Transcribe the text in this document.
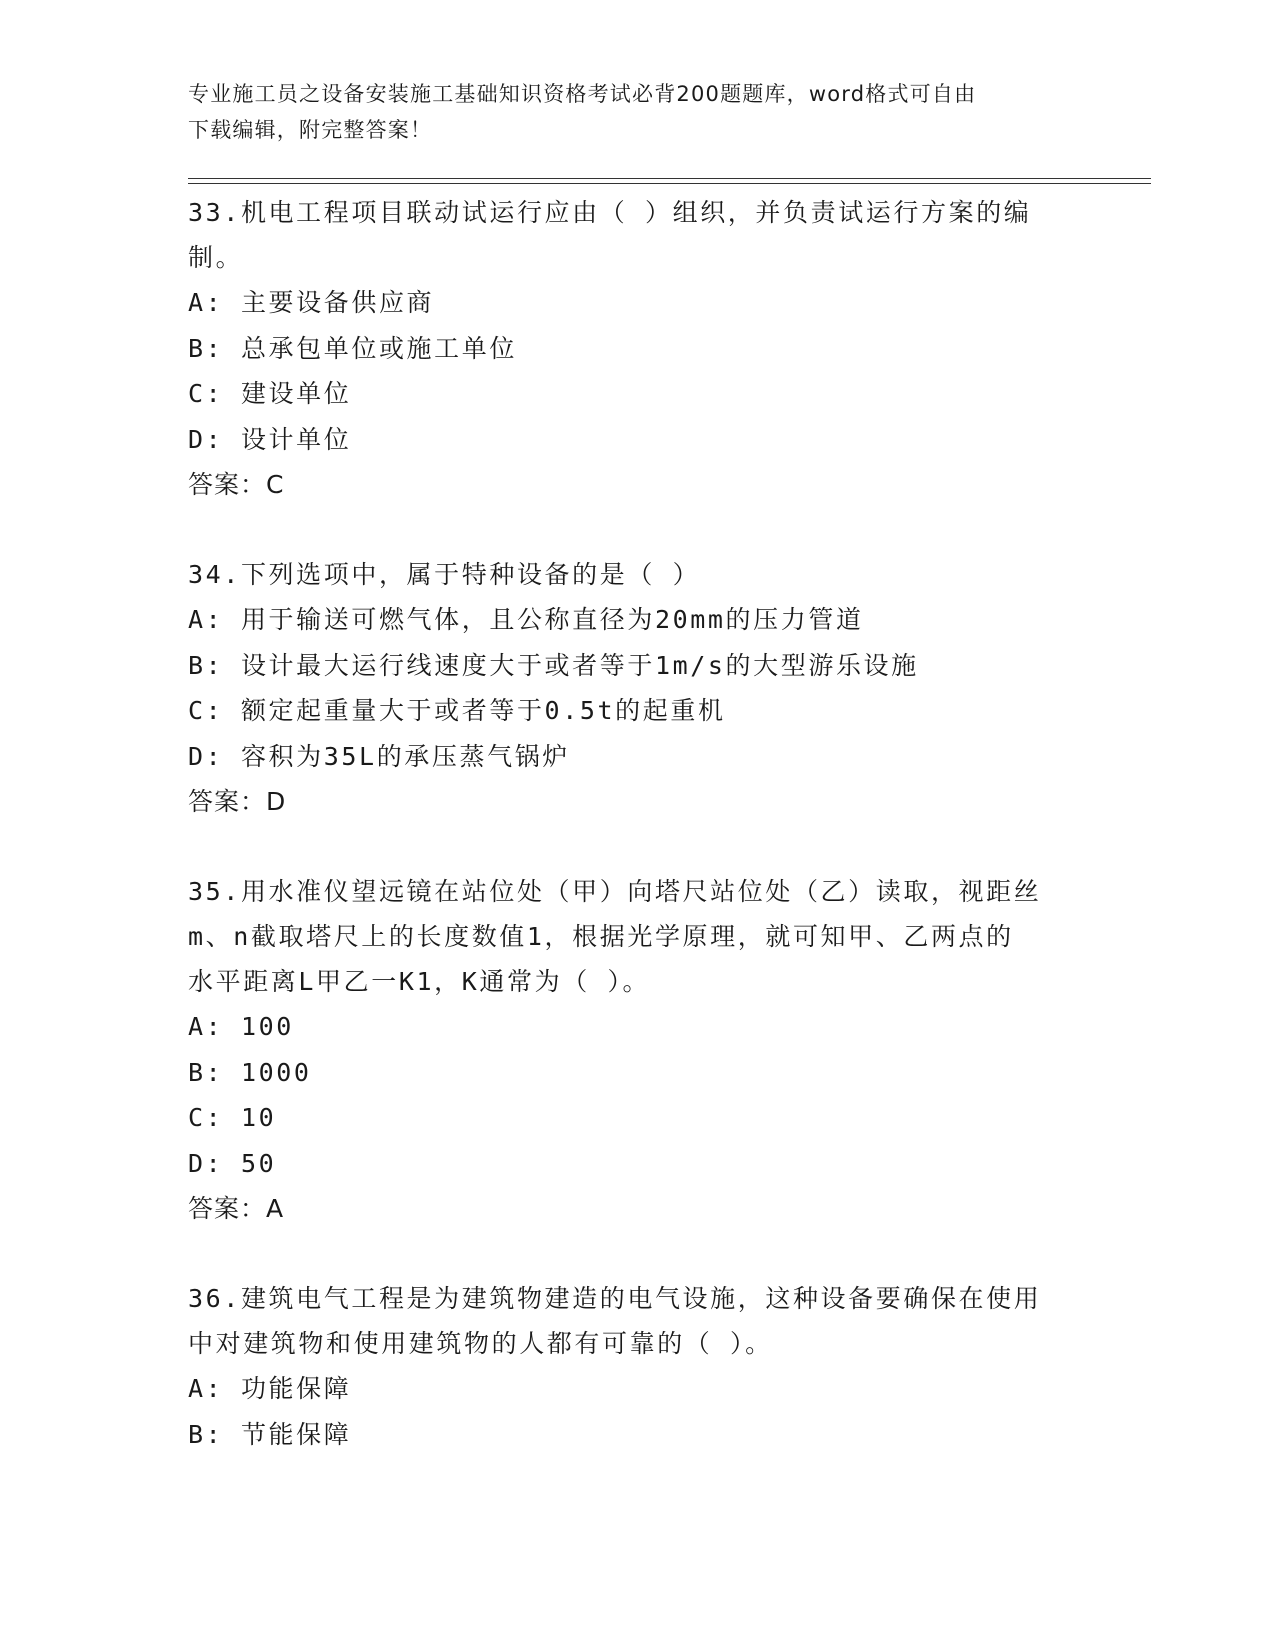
专业施工员之设备安装施工基础知识资格考试必背200题题库，word格式可自由
下载编辑，附完整答案！
33.机电工程项目联动试运行应由（ ）组织，并负责试运行方案的编
制。
A: 主要设备供应商
B: 总承包单位或施工单位
C: 建设单位
D: 设计单位
答案：C
34.下列选项中，属于特种设备的是（ ）
A: 用于输送可燃气体，且公称直径为20mm的压力管道
B: 设计最大运行线速度大于或者等于1m/s的大型游乐设施
C: 额定起重量大于或者等于0.5t的起重机
D: 容积为35L的承压蒸气锅炉
答案：D
35.用水准仪望远镜在站位处（甲）向塔尺站位处（乙）读取，视距丝
m、n截取塔尺上的长度数值1，根据光学原理，就可知甲、乙两点的
水平距离L甲乙一K1，K通常为（ ）。
A: 100
B: 1000
C: 10
D: 50
答案：A
36.建筑电气工程是为建筑物建造的电气设施，这种设备要确保在使用
中对建筑物和使用建筑物的人都有可靠的（ ）。
A: 功能保障
B: 节能保障
